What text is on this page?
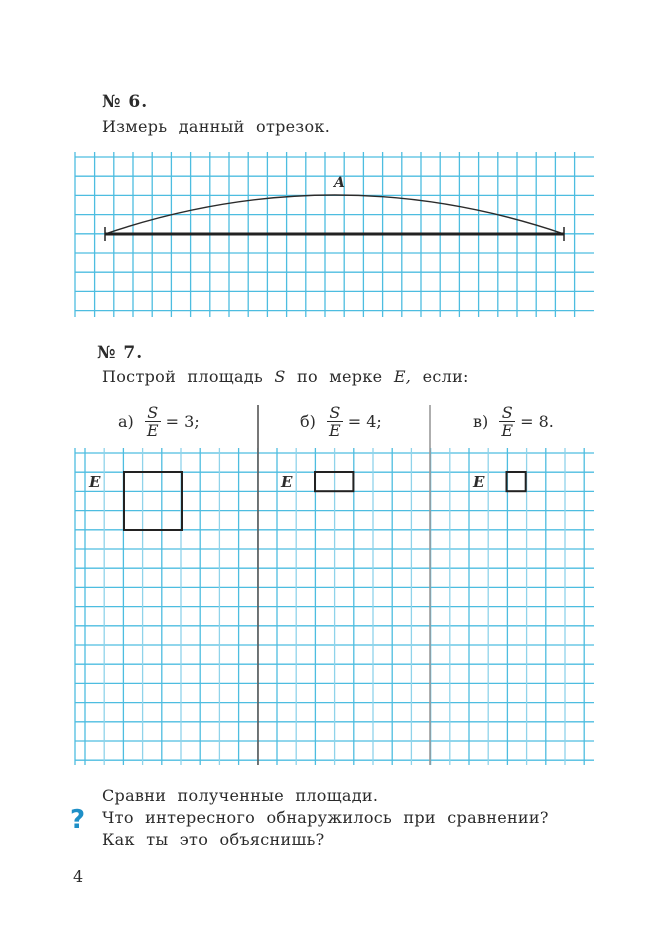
№ 6.
Измерь данный отрезок.
A
№ 7.
Построй площадь S по мерке E, если:
$а) \frac{S}{E} = 3$;	$б) \frac{S}{E} = 4$;	$в) \frac{S}{E} = 8$.
E	E	E
?
Сравни полученные площади.
Что интересного обнаружилось при сравнении?
Как ты это объяснишь?
4
